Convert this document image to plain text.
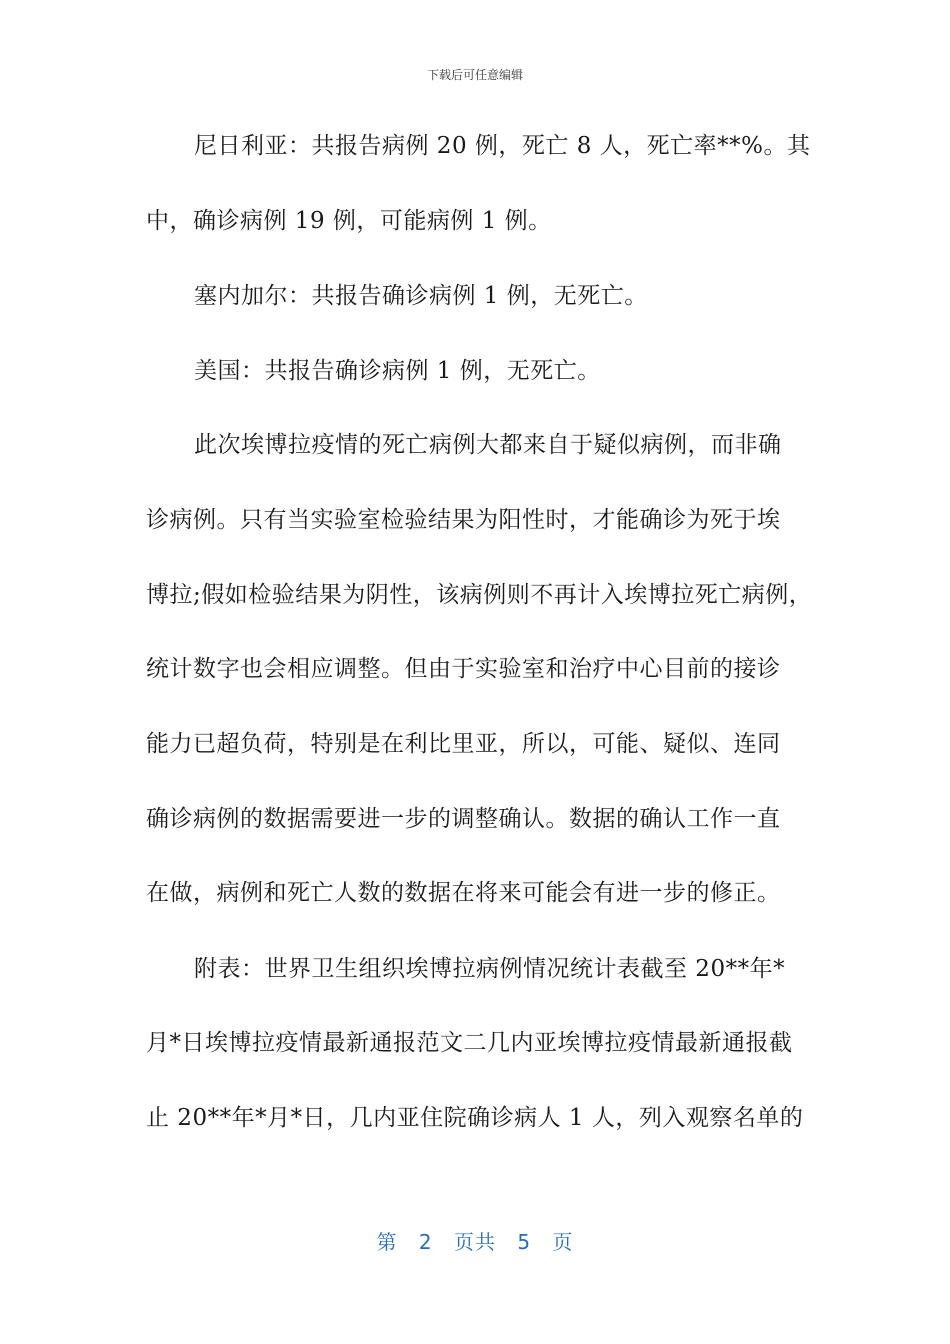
下载后可任意编辑
尼日利亚：共报告病例 20 例，死亡 8 人，死亡率**%。其
中，确诊病例 19 例，可能病例 1 例。
塞内加尔：共报告确诊病例 1 例，无死亡。
美国：共报告确诊病例 1 例，无死亡。
此次埃博拉疫情的死亡病例大都来自于疑似病例，而非确
诊病例。只有当实验室检验结果为阳性时，才能确诊为死于埃
博拉;假如检验结果为阴性，该病例则不再计入埃博拉死亡病例，
统计数字也会相应调整。但由于实验室和治疗中心目前的接诊
能力已超负荷，特别是在利比里亚，所以，可能、疑似、连同
确诊病例的数据需要进一步的调整确认。数据的确认工作一直
在做，病例和死亡人数的数据在将来可能会有进一步的修正。
附表：世界卫生组织埃博拉病例情况统计表截至 20**年*
月*日埃博拉疫情最新通报范文二几内亚埃博拉疫情最新通报截
止 20**年*月*日，几内亚住院确诊病人 1 人，列入观察名单的
第 2 页共 5 页
